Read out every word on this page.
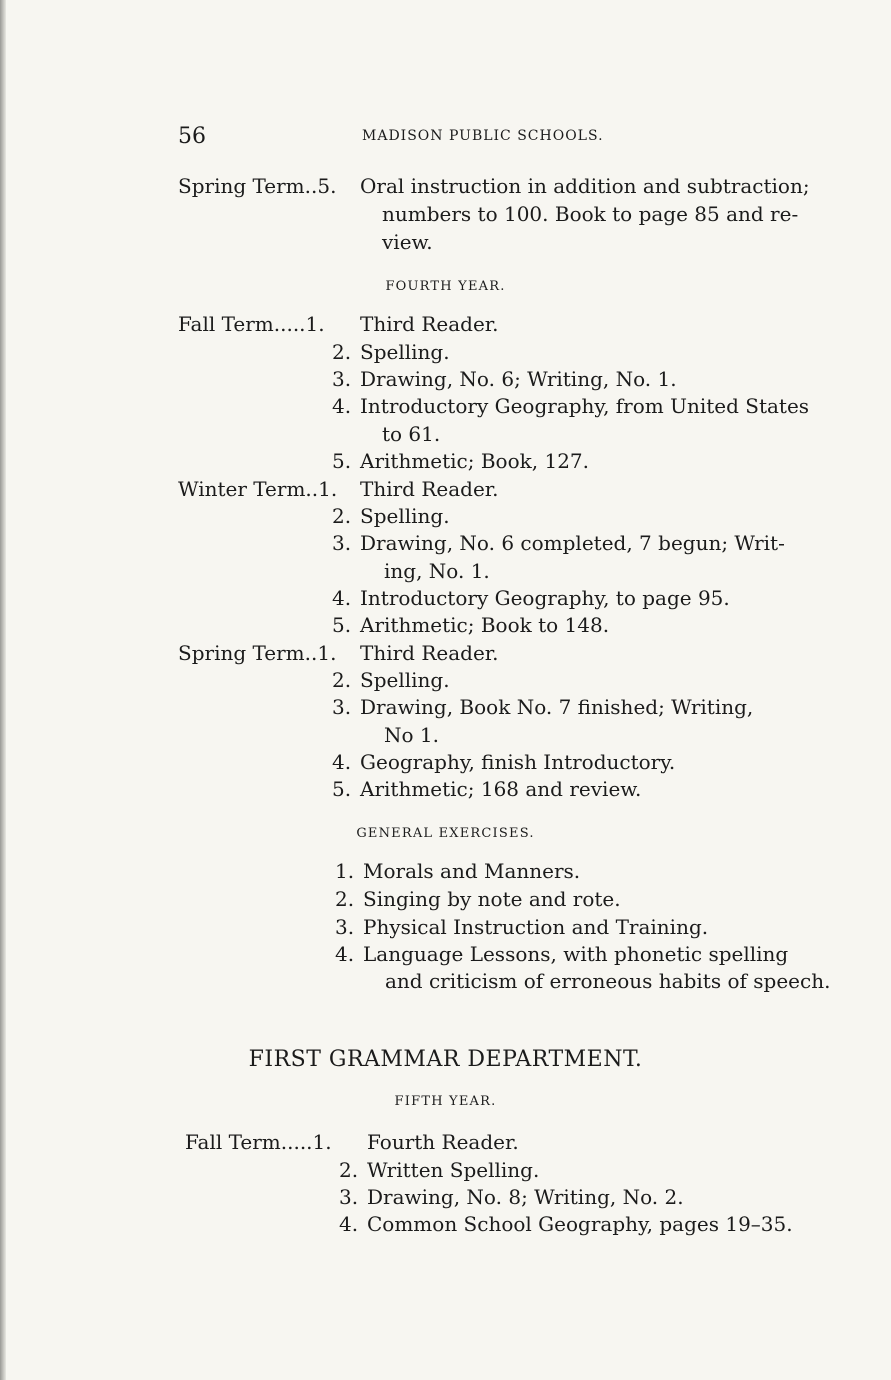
56	MADISON PUBLIC SCHOOLS.
Spring Term..5. Oral instruction in addition and subtraction;
numbers to 100. Book to page 85 and re-
view.
FOURTH YEAR.
Fall Term.....1. Third Reader.
2. Spelling.
3. Drawing, No. 6; Writing, No. 1.
4. Introductory Geography, from United States
to 61.
5. Arithmetic; Book, 127.
Winter Term..1. Third Reader.
2. Spelling.
3. Drawing, No. 6 completed, 7 begun; Writ-
ing, No. 1.
4. Introductory Geography, to page 95.
5. Arithmetic; Book to 148.
Spring Term..1. Third Reader.
2. Spelling.
3. Drawing, Book No. 7 finished; Writing,
No 1.
4. Geography, finish Introductory.
5. Arithmetic; 168 and review.
GENERAL EXERCISES.
1. Morals and Manners.
2. Singing by note and rote.
3. Physical Instruction and Training.
4. Language Lessons, with phonetic spelling
and criticism of erroneous habits of speech.
FIRST GRAMMAR DEPARTMENT.
FIFTH YEAR.
Fall Term.....1. Fourth Reader.
2. Written Spelling.
3. Drawing, No. 8; Writing, No. 2.
4. Common School Geography, pages 19–35.
